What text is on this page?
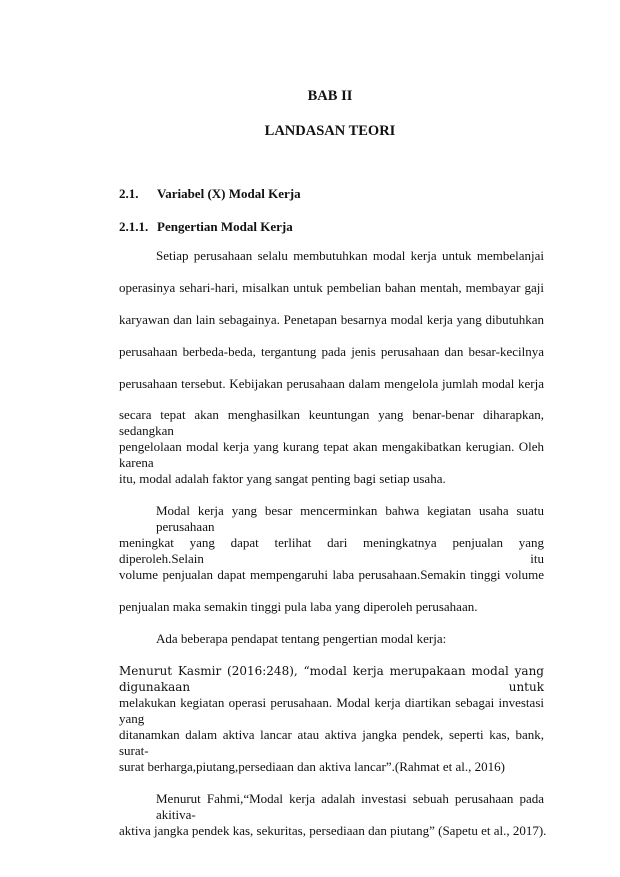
BAB II
LANDASAN TEORI
2.1. Variabel (X) Modal Kerja
2.1.1. Pengertian Modal Kerja
Setiap perusahaan selalu membutuhkan modal kerja untuk membelanjai
operasinya sehari-hari, misalkan untuk pembelian bahan mentah, membayar gaji
karyawan dan lain sebagainya. Penetapan besarnya modal kerja yang dibutuhkan
perusahaan berbeda-beda, tergantung pada jenis perusahaan dan besar-kecilnya
perusahaan tersebut. Kebijakan perusahaan dalam mengelola jumlah modal kerja
secara tepat akan menghasilkan keuntungan yang benar-benar diharapkan, sedangkan
pengelolaan modal kerja yang kurang tepat akan mengakibatkan kerugian. Oleh karena
itu, modal adalah faktor yang sangat penting bagi setiap usaha.
Modal kerja yang besar mencerminkan bahwa kegiatan usaha suatu perusahaan
meningkat yang dapat terlihat dari meningkatnya penjualan yang diperoleh.Selain itu
volume penjualan dapat mempengaruhi laba perusahaan.Semakin tinggi volume
penjualan maka semakin tinggi pula laba yang diperoleh perusahaan.
Ada beberapa pendapat tentang pengertian modal kerja:
Menurut Kasmir (2016:248), “modal kerja merupakaan modal yang digunakaan untuk
melakukan kegiatan operasi perusahaan. Modal kerja diartikan sebagai investasi yang
ditanamkan dalam aktiva lancar atau aktiva jangka pendek, seperti kas, bank, surat-
surat berharga,piutang,persediaan dan aktiva lancar”.(Rahmat et al., 2016)
Menurut Fahmi,“Modal kerja adalah investasi sebuah perusahaan pada akitiva-
aktiva jangka pendek kas, sekuritas, persediaan dan piutang” (Sapetu et al., 2017).
